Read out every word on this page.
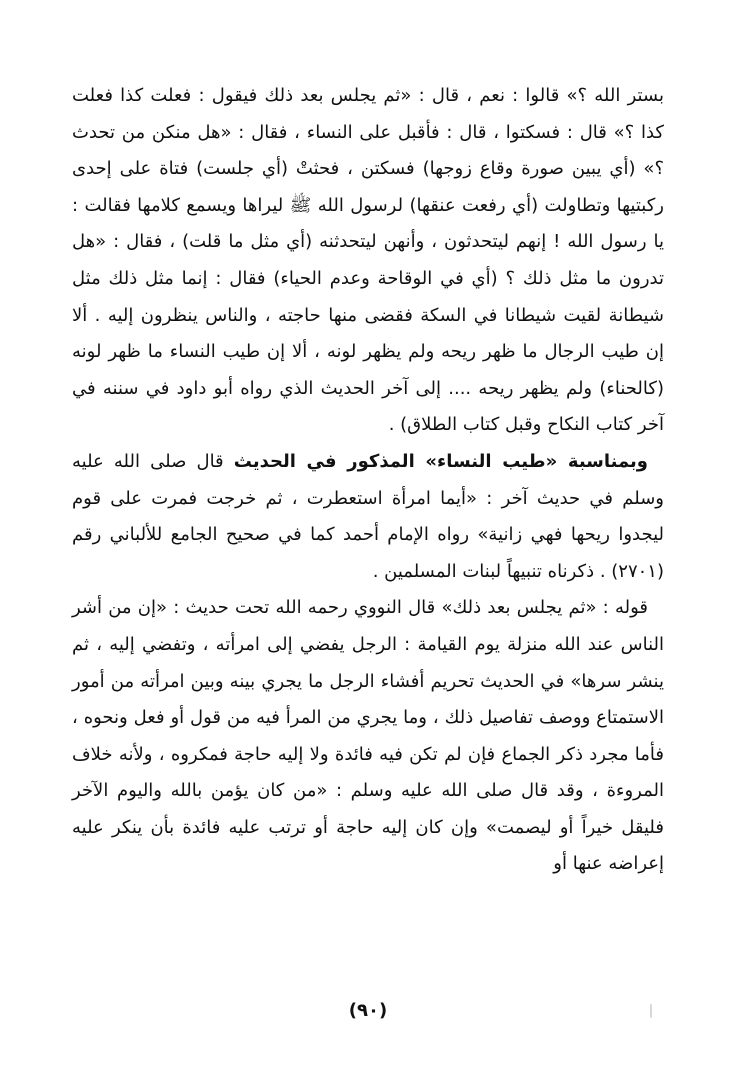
بستر الله ؟» قالوا : نعم ، قال : «ثم يجلس بعد ذلك فيقول : فعلت كذا فعلت كذا ؟» قال : فسكتوا ، قال : فأقبل على النساء ، فقال : «هل منكن من تحدث ؟» (أي يبين صورة وقاع زوجها) فسكتن ، فحثتْ (أي جلست) فتاة على إحدى ركبتيها وتطاولت (أي رفعت عنقها) لرسول الله ﷺ ليراها ويسمع كلامها فقالت : يا رسول الله ! إنهم ليتحدثون ، وأنهن ليتحدثنه (أي مثل ما قلت) ، فقال : «هل تدرون ما مثل ذلك ؟ (أي في الوقاحة وعدم الحياء) فقال : إنما مثل ذلك مثل شيطانة لقيت شيطانا في السكة فقضى منها حاجته ، والناس ينظرون إليه . ألا إن طيب الرجال ما ظهر ريحه ولم يظهر لونه ، ألا إن طيب النساء ما ظهر لونه (كالحناء) ولم يظهر ريحه .... إلى آخر الحديث الذي رواه أبو داود في سننه في آخر كتاب النكاح وقبل كتاب الطلاق) .

وبمناسبة «طيب النساء» المذكور في الحديث قال صلى الله عليه وسلم في حديث آخر : «أيما امرأة استعطرت ، ثم خرجت فمرت على قوم ليجدوا ريحها فهي زانية» رواه الإمام أحمد كما في صحيح الجامع للألباني رقم (٢٧٠١) . ذكرناه تنبيهاً لبنات المسلمين .

قوله : «ثم يجلس بعد ذلك» قال النووي رحمه الله تحت حديث : «إن من أشر الناس عند الله منزلة يوم القيامة : الرجل يفضي إلى امرأته ، وتفضي إليه ، ثم ينشر سرها» في الحديث تحريم أفشاء الرجل ما يجري بينه وبين امرأته من أمور الاستمتاع ووصف تفاصيل ذلك ، وما يجري من المرأ فيه من قول أو فعل ونحوه ، فأما مجرد ذكر الجماع فإن لم تكن فيه فائدة ولا إليه حاجة فمكروه ، ولأنه خلاف المروءة ، وقد قال صلى الله عليه وسلم : «من كان يؤمن بالله واليوم الآخر فليقل خيراً أو ليصمت» وإن كان إليه حاجة أو ترتب عليه فائدة بأن ينكر عليه إعراضه عنها أو

(٩٠)
